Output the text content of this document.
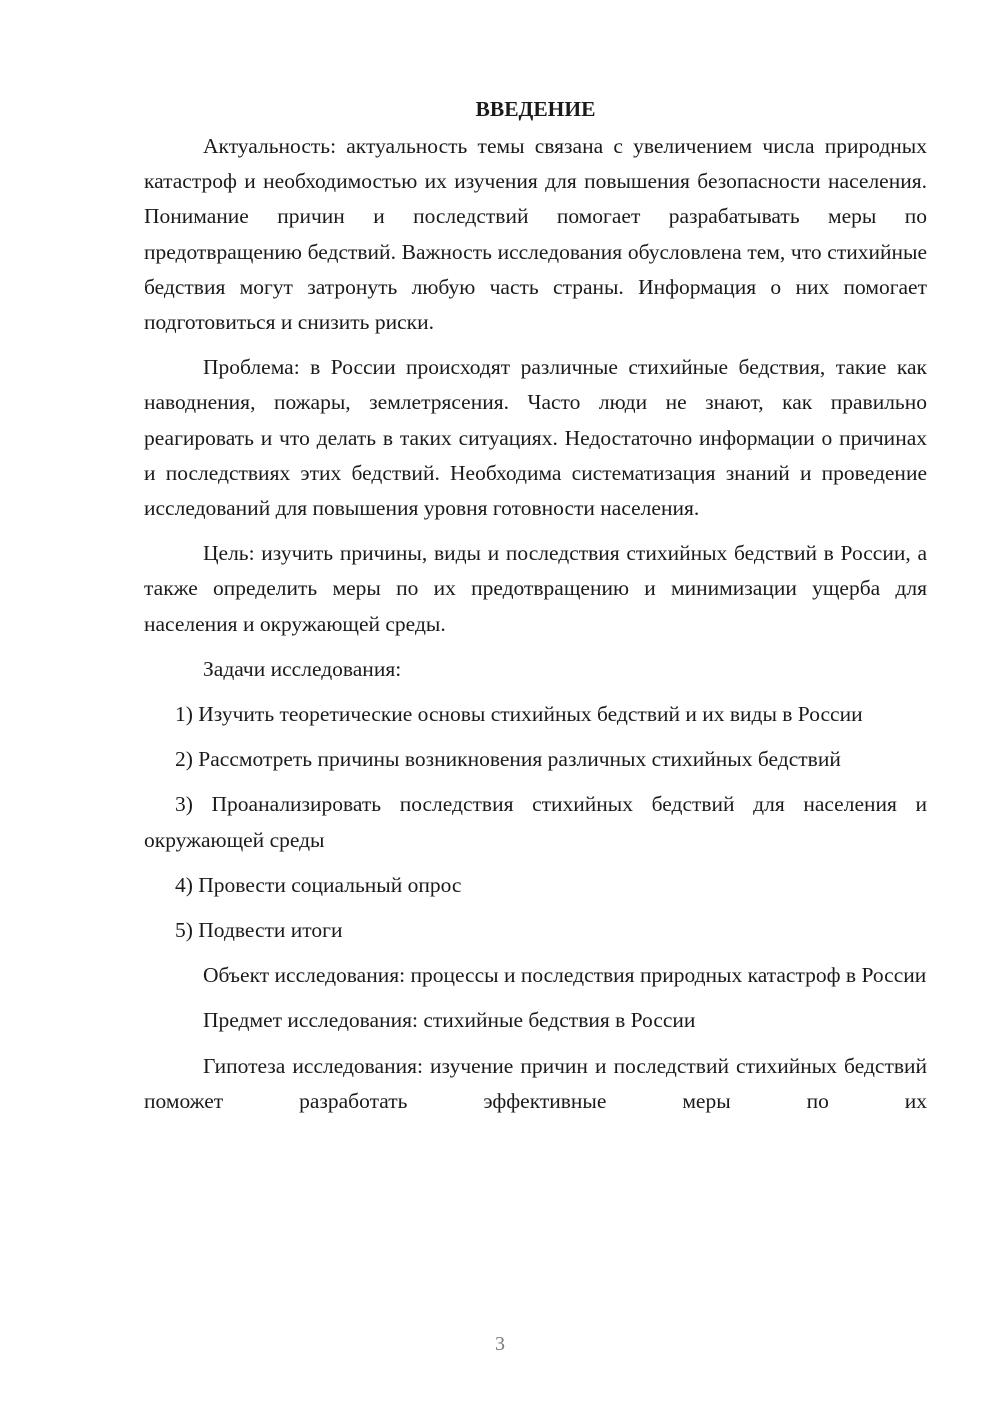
ВВЕДЕНИЕ

Актуальность: актуальность темы связана с увеличением числа природных катастроф и необходимостью их изучения для повышения безопасности населения. Понимание причин и последствий помогает разрабатывать меры по предотвращению бедствий. Важность исследования обусловлена тем, что стихийные бедствия могут затронуть любую часть страны. Информация о них помогает подготовиться и снизить риски.

Проблема: в России происходят различные стихийные бедствия, такие как наводнения, пожары, землетрясения. Часто люди не знают, как правильно реагировать и что делать в таких ситуациях. Недостаточно информации о причинах и последствиях этих бедствий. Необходима систематизация знаний и проведение исследований для повышения уровня готовности населения.

Цель: изучить причины, виды и последствия стихийных бедствий в России, а также определить меры по их предотвращению и минимизации ущерба для населения и окружающей среды.

Задачи исследования:

1) Изучить теоретические основы стихийных бедствий и их виды в России

2) Рассмотреть причины возникновения различных стихийных бедствий

3) Проанализировать последствия стихийных бедствий для населения и окружающей среды

4) Провести социальный опрос

5) Подвести итоги

Объект исследования: процессы и последствия природных катастроф в России

Предмет исследования: стихийные бедствия в России

Гипотеза исследования: изучение причин и последствий стихийных бедствий поможет разработать эффективные меры по их

3
